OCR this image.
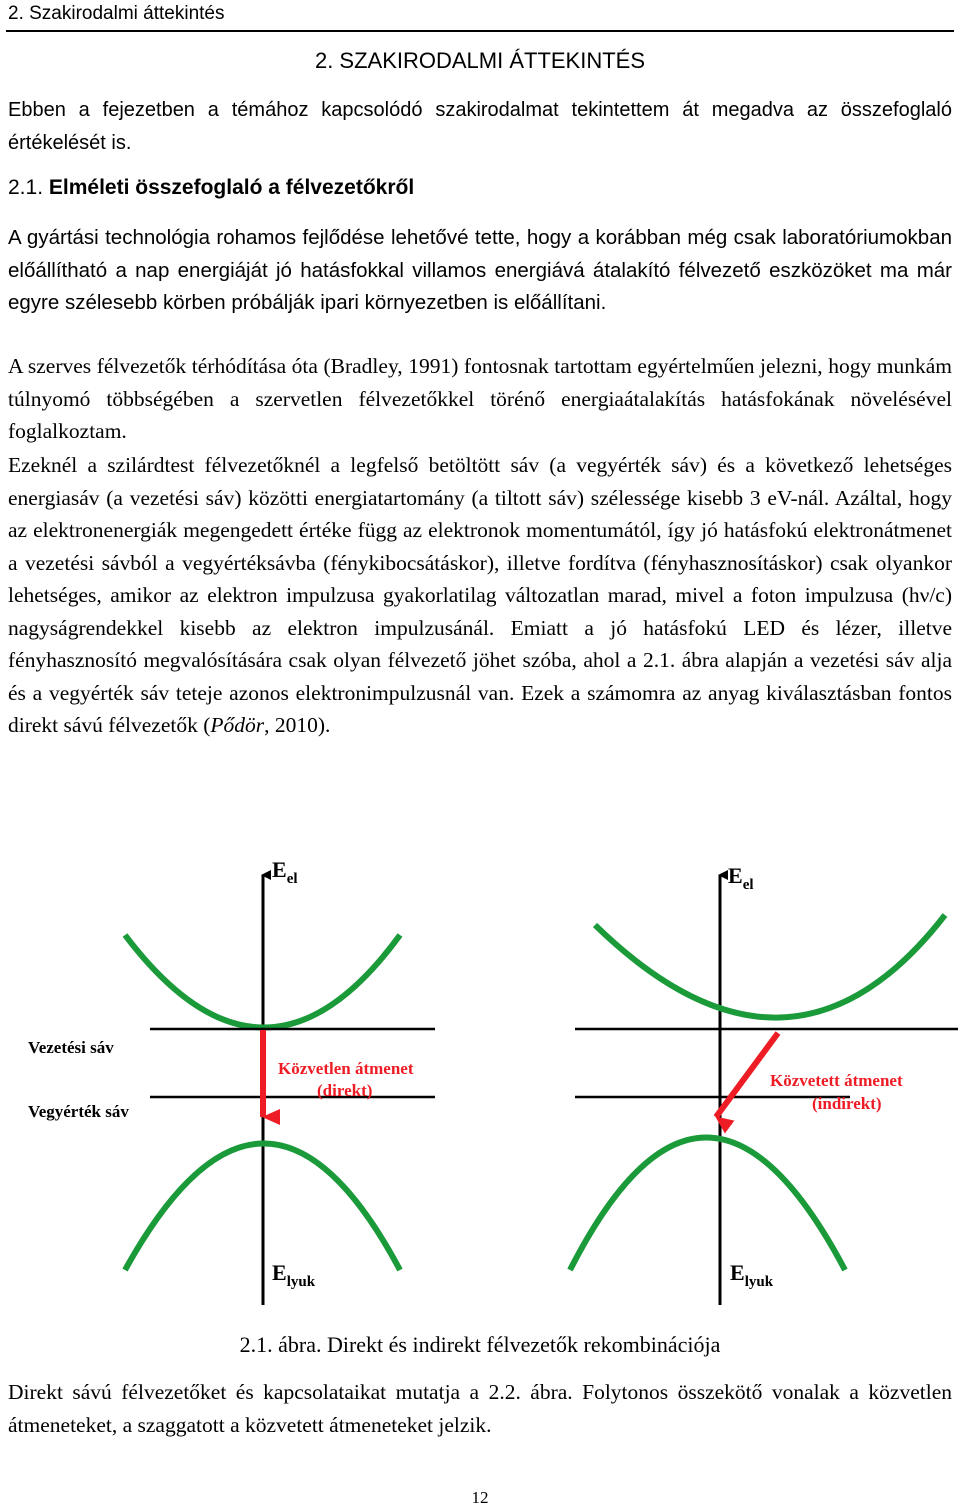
2. Szakirodalmi áttekintés
2. SZAKIRODALMI ÁTTEKINTÉS
Ebben a fejezetben a témához kapcsolódó szakirodalmat tekintettem át megadva az összefoglaló értékelését is.
2.1. Elméleti összefoglaló a félvezetőkről
A gyártási technológia rohamos fejlődése lehetővé tette, hogy a korábban még csak laboratóriumokban előállítható a nap energiáját jó hatásfokkal villamos energiává átalakító félvezető eszközöket ma már egyre szélesebb körben próbálják ipari környezetben is előállítani.
A szerves félvezetők térhódítása óta (Bradley, 1991) fontosnak tartottam egyértelműen jelezni, hogy munkám túlnyomó többségében a szervetlen félvezetőkkel törénő energiaátalakítás hatásfokának növelésével foglalkoztam.
Ezeknél a szilárdtest félvezetőknél a legfelső betöltött sáv (a vegyérték sáv) és a következő lehetséges energiasáv (a vezetési sáv) közötti energiatartomány (a tiltott sáv) szélessége kisebb 3 eV-nál. Azáltal, hogy az elektronenergiák megengedett értéke függ az elektronok momentumától, így jó hatásfokú elektronátmenet a vezetési sávból a vegyértéksávba (fénykibocsátáskor), illetve fordítva (fényhasznosításkor) csak olyankor lehetséges, amikor az elektron impulzusa gyakorlatilag változatlan marad, mivel a foton impulzusa (hν/c) nagyságrendekkel kisebb az elektron impulzusánál. Emiatt a jó hatásfokú LED és lézer, illetve fényhasznosító megvalósítására csak olyan félvezető jöhet szóba, ahol a 2.1. ábra alapján a vezetési sáv alja és a vegyérték sáv teteje azonos elektronimpulzusnál van. Ezek a számomra az anyag kiválasztásban fontos direkt sávú félvezetők (Pődör, 2010).
$E_{el}$
$E_{lyuk}$
Vezetési sáv
Vegyérték sáv
Közvetlen átmenet (direkt)
$E_{el}$
$E_{lyuk}$
Közvetett átmenet (indirekt)
2.1. ábra. Direkt és indirekt félvezetők rekombinációja
Direkt sávú félvezetőket és kapcsolataikat mutatja a 2.2. ábra. Folytonos összekötő vonalak a közvetlen átmeneteket, a szaggatott a közvetett átmeneteket jelzik.
12
